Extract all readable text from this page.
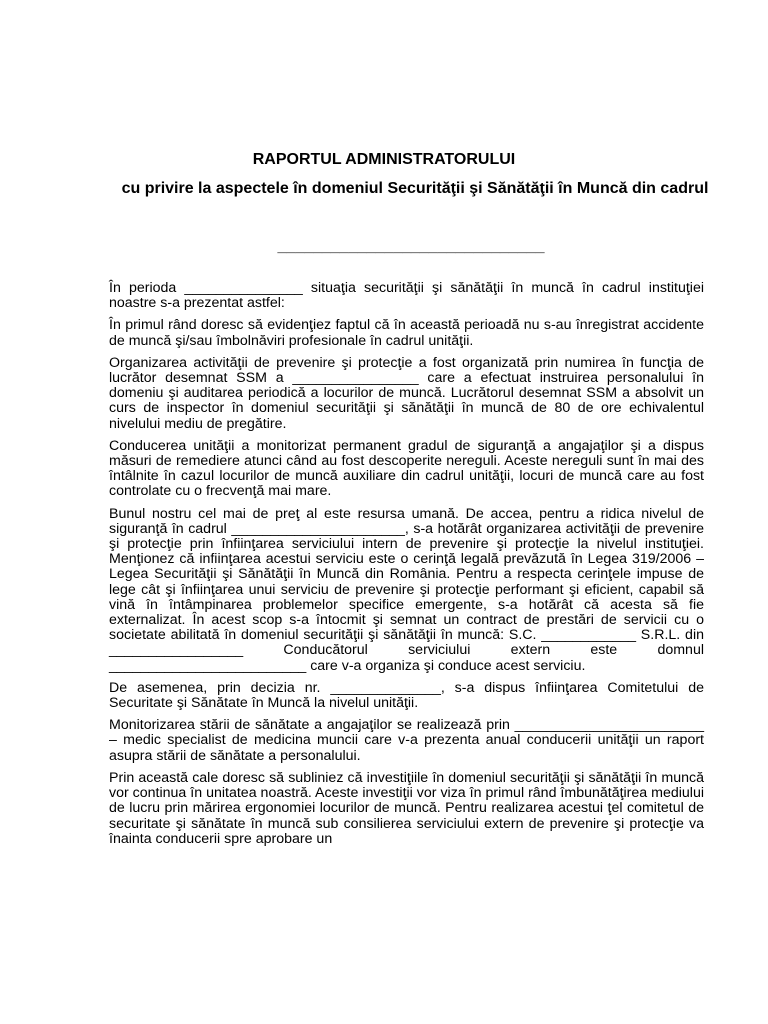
RAPORTUL ADMINISTRATORULUI
cu privire la aspectele în domeniul Securităţii şi Sănătăţii în Muncă din cadrul
______________________________

În perioda _______________ situaţia securităţii şi sănătăţii în muncă în cadrul instituţiei noastre s-a prezentat astfel:

În primul rând doresc să evidenţiez faptul că în această perioadă nu s-au înregistrat accidente de muncă şi/sau îmbolnăviri profesionale în cadrul unităţii.

Organizarea activităţii de prevenire şi protecţie a fost organizată prin numirea în funcţia de lucrător desemnat SSM a ________________ care a efectuat instruirea personalului în domeniu şi auditarea periodică a locurilor de muncă. Lucrătorul desemnat SSM a absolvit un curs de inspector în domeniul securităţii şi sănătăţii în muncă de 80 de ore echivalentul nivelului mediu de pregătire.

Conducerea unităţii a monitorizat permanent gradul de siguranţă a angajaţilor şi a dispus măsuri de remediere atunci când au fost descoperite nereguli. Aceste nereguli sunt în mai des întâlnite în cazul locurilor de muncă auxiliare din cadrul unităţii, locuri de muncă care au fost controlate cu o frecvenţă mai mare.

Bunul nostru cel mai de preţ al este resursa umană. De accea, pentru a ridica nivelul de siguranţă în cadrul ______________________, s-a hotărât organizarea activităţii de prevenire şi protecţie prin înfiinţarea serviciului intern de prevenire şi protecţie la nivelul instituţiei. Menţionez că infiinţarea acestui serviciu este o cerinţă legală prevăzută în Legea 319/2006 – Legea Securităţii şi Sănătăţii în Muncă din România. Pentru a respecta cerinţele impuse de lege cât şi înfiinţarea unui serviciu de prevenire şi protecţie performant şi eficient, capabil să vină în întâmpinarea problemelor specifice emergente, s-a hotărât că acesta să fie externalizat. În acest scop s-a întocmit şi semnat un contract de prestări de servicii cu o societate abilitată în domeniul securităţii şi sănătăţii în muncă: S.C. ____________ S.R.L. din _________________ Conducătorul serviciului extern este domnul _________________________ care v-a organiza şi conduce acest serviciu.

De asemenea, prin decizia nr. ______________, s-a dispus înfiinţarea Comitetului de Securitate şi Sănătate în Muncă la nivelul unităţii.

Monitorizarea stării de sănătate a angajaţilor se realizează prin ________________________ – medic specialist de medicina muncii care v-a prezenta anual conducerii unităţii un raport asupra stării de sănătate a personalului.

Prin această cale doresc să subliniez că investiţiile în domeniul securităţii şi sănătăţii în muncă vor continua în unitatea noastră. Aceste investiţii vor viza în primul rând îmbunătăţirea mediului de lucru prin mărirea ergonomiei locurilor de muncă. Pentru realizarea acestui ţel comitetul de securitate şi sănătate în muncă sub consilierea serviciului extern de prevenire şi protecţie va înainta conducerii spre aprobare un
